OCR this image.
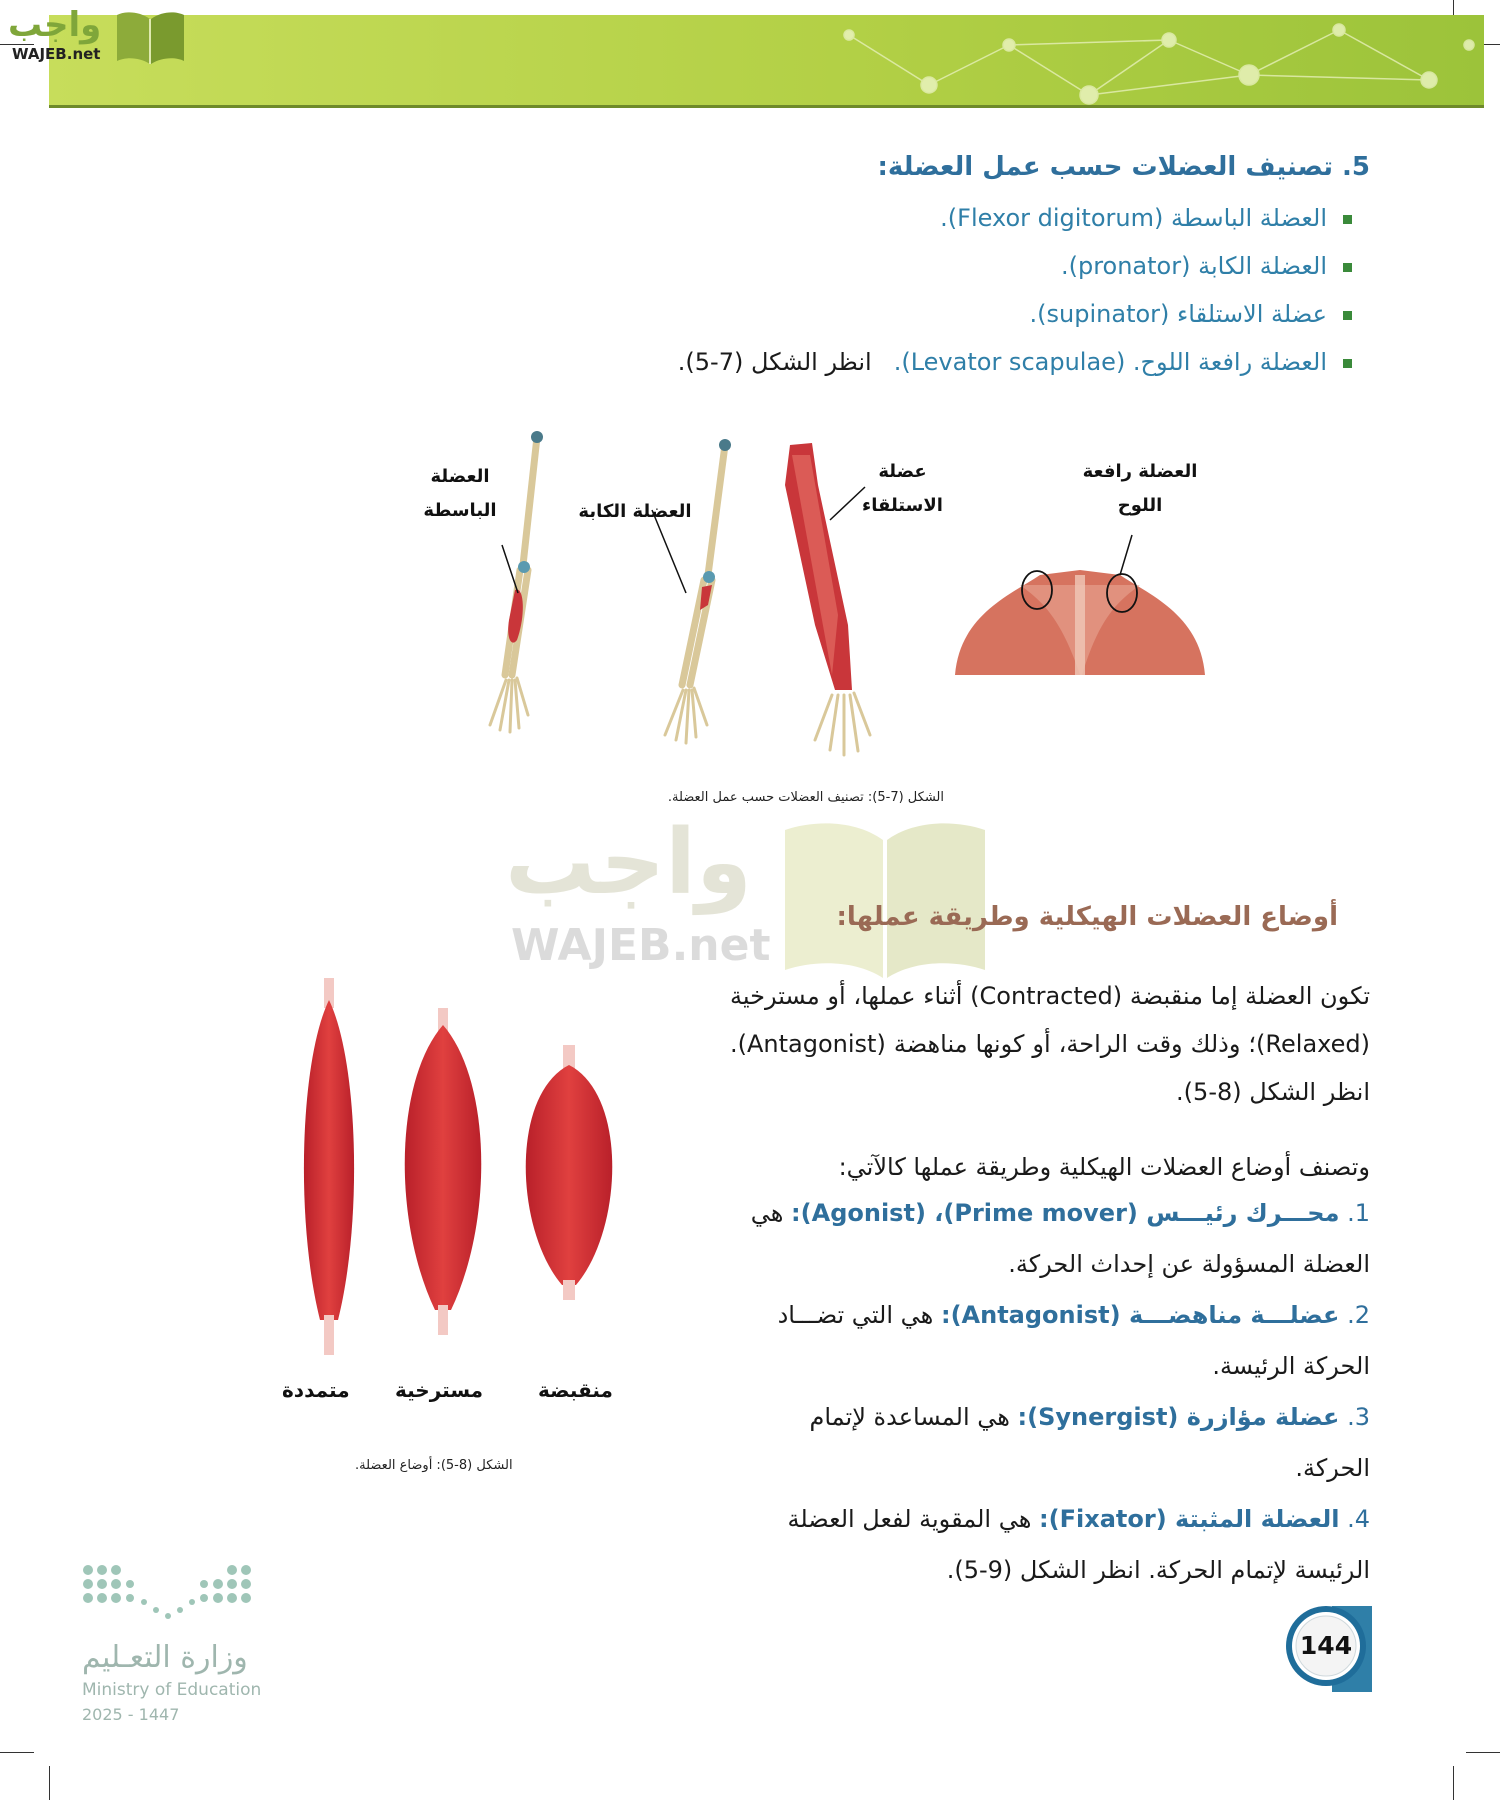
واجب
WAJEB.net
5. تصنيف العضلات حسب عمل العضلة:
العضلة الباسطة (Flexor digitorum).
العضلة الكابة (pronator).
عضلة الاستلقاء (supinator).
العضلة رافعة اللوح. (Levator scapulae).انظر الشكل (7-5).
العضلة
الباسطة	العضلة الكابة
عضلة
الاستلقاء
العضلة رافعة
اللوح
الشكل (7-5): تصنيف العضلات حسب عمل العضلة.
واجب
WAJEB.net
أوضاع العضلات الهيكلية وطريقة عملها:
تكون العضلة إما منقبضة (Contracted) أثناء عملها، أو مسترخية (Relaxed)؛ وذلك وقت الراحة، أو كونها مناهضة (Antagonist). انظر الشكل (8-5).
وتصنف أوضاع العضلات الهيكلية وطريقة عملها كالآتي:
1. محـــرك رئيـــس (Prime mover)، (Agonist): هي العضلة المسؤولة عن إحداث الحركة.
2. عضلـــة مناهضـــة (Antagonist): هي التي تضـــاد الحركة الرئيسة.
3. عضلة مؤازرة (Synergist): هي المساعدة لإتمام الحركة.
4. العضلة المثبتة (Fixator): هي المقوية لفعل العضلة الرئيسة لإتمام الحركة. انظر الشكل (9-5).
متمددة مسترخية	منقبضة
الشكل (8-5): أوضاع العضلة.
وزارة التعـليم
Ministry of Education
2025 - 1447
144
